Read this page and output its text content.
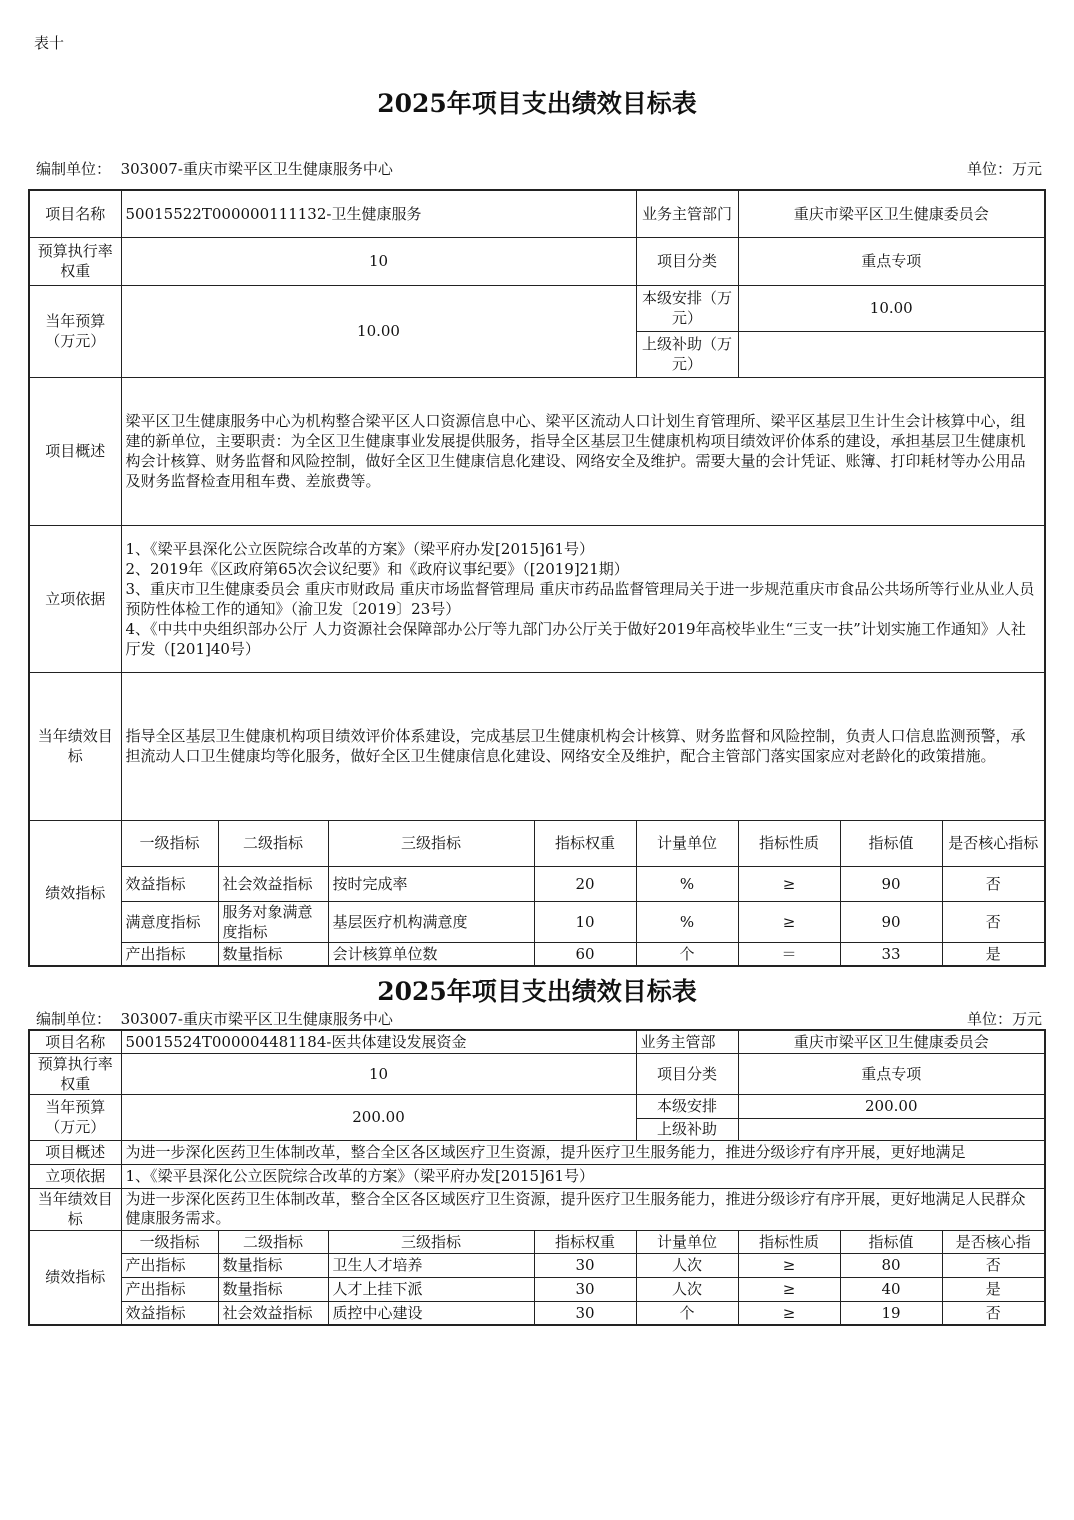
表十
2025年项目支出绩效目标表
编制单位： 303007-重庆市梁平区卫生健康服务中心	单位：万元
项目名称	50015522T000000111132-卫生健康服务				业务主管部门	重庆市梁平区卫生健康委员会		
预算执行率权重	10				项目分类	重点专项		
当年预算（万元）	10.00				本级安排（万元）	10.00		
					上级补助（万元）			
项目概述	梁平区卫生健康服务中心为机构整合梁平区人口资源信息中心、梁平区流动人口计划生育管理所、梁平区基层卫生计生会计核算中心，组建的新单位，主要职责：为全区卫生健康事业发展提供服务，指导全区基层卫生健康机构项目绩效评价体系的建设，承担基层卫生健康机构会计核算、财务监督和风险控制，做好全区卫生健康信息化建设、网络安全及维护。需要大量的会计凭证、账簿、打印耗材等办公用品及财务监督检查用租车费、差旅费等。							
立项依据	1、《梁平县深化公立医院综合改革的方案》（梁平府办发[2015]61号）
2、2019年《区政府第65次会议纪要》和《政府议事纪要》（[2019]21期）
3、重庆市卫生健康委员会 重庆市财政局 重庆市场监督管理局 重庆市药品监督管理局关于进一步规范重庆市食品公共场所等行业从业人员预防性体检工作的通知》（渝卫发〔2019〕23号）
4、《中共中央组织部办公厅 人力资源社会保障部办公厅等九部门办公厅关于做好2019年高校毕业生“三支一扶”计划实施工作通知》人社厅发（[201]40号）							

当年绩效目标	指导全区基层卫生健康机构项目绩效评价体系建设，完成基层卫生健康机构会计核算、财务监督和风险控制，负责人口信息监测预警，承担流动人口卫生健康均等化服务，做好全区卫生健康信息化建设、网络安全及维护，配合主管部门落实国家应对老龄化的政策措施。							
绩效指标	一级指标	二级指标	三级指标	指标权重	计量单位	指标性质	指标值	是否核心指标
	效益指标	社会效益指标	按时完成率	20	%	≥	90	否
	满意度指标	服务对象满意度指标	基层医疗机构满意度	10	%	≥	90	否
	产出指标	数量指标	会计核算单位数	60	个	＝	33	是
2025年项目支出绩效目标表
编制单位： 303007-重庆市梁平区卫生健康服务中心	单位：万元
项目名称	50015524T000004481184-医共体建设发展资金				业务主管部	重庆市梁平区卫生健康委员会		
预算执行率权重	10				项目分类	重点专项		
当年预算（万元）	200.00				本级安排	200.00		
					上级补助			
项目概述	为进一步深化医药卫生体制改革，整合全区各区域医疗卫生资源，提升医疗卫生服务能力，推进分级诊疗有序开展，更好地满足							
立项依据	1、《梁平县深化公立医院综合改革的方案》（梁平府办发[2015]61号）							
当年绩效目标	为进一步深化医药卫生体制改革，整合全区各区域医疗卫生资源，提升医疗卫生服务能力，推进分级诊疗有序开展，更好地满足人民群众健康服务需求。							
绩效指标	一级指标	二级指标	三级指标	指标权重	计量单位	指标性质	指标值	是否核心指
	产出指标	数量指标	卫生人才培养	30	人次	≥	80	否
	产出指标	数量指标	人才上挂下派	30	人次	≥	40	是
	效益指标	社会效益指标	质控中心建设	30	个	≥	19	否
